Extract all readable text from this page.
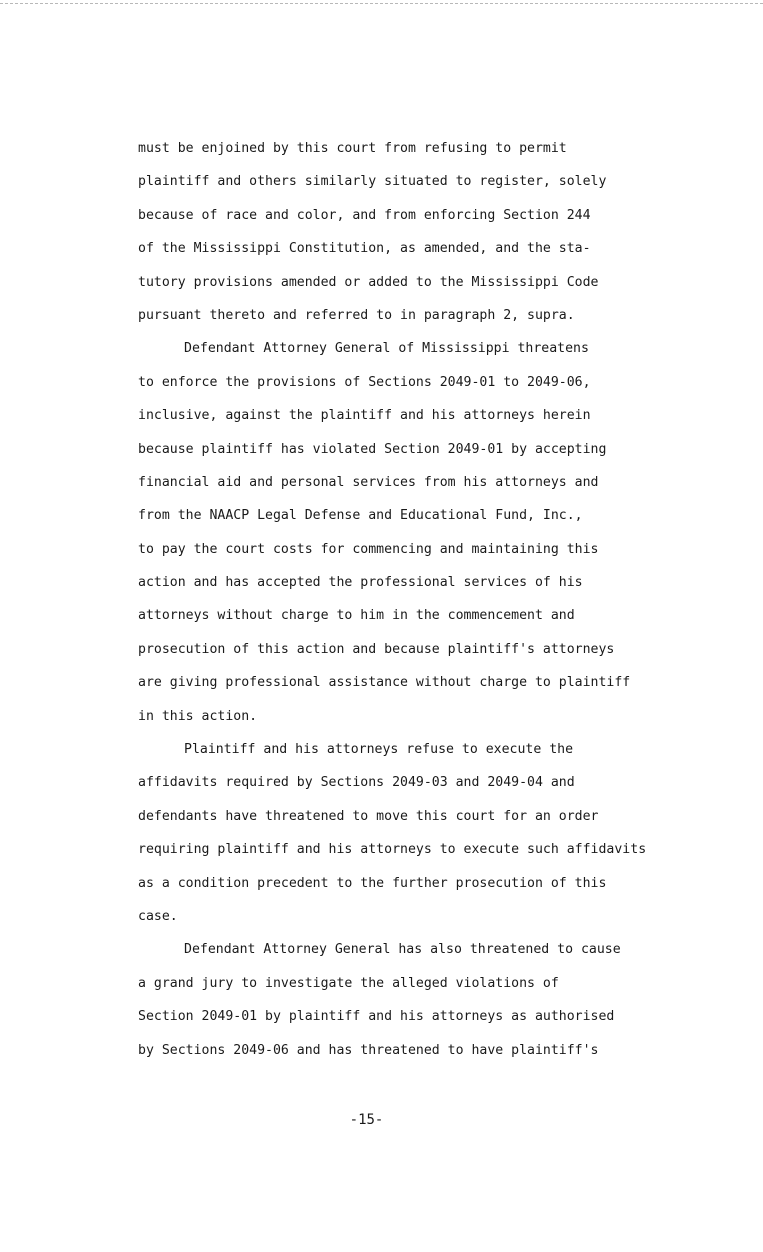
must be enjoined by this court from refusing to permit
plaintiff and others similarly situated to register, solely
because of race and color, and from enforcing Section 244
of the Mississippi Constitution, as amended, and the sta-
tutory provisions amended or added to the Mississippi Code
pursuant thereto and referred to in paragraph 2, supra.
Defendant Attorney General of Mississippi threatens
to enforce the provisions of Sections 2049-01 to 2049-06,
inclusive, against the plaintiff and his attorneys herein
because plaintiff has violated Section 2049-01 by accepting
financial aid and personal services from his attorneys and
from the NAACP Legal Defense and Educational Fund, Inc.,
to pay the court costs for commencing and maintaining this
action and has accepted the professional services of his
attorneys without charge to him in the commencement and
prosecution of this action and because plaintiff's attorneys
are giving professional assistance without charge to plaintiff
in this action.
Plaintiff and his attorneys refuse to execute the
affidavits required by Sections 2049-03 and 2049-04 and
defendants have threatened to move this court for an order
requiring plaintiff and his attorneys to execute such affidavits
as a condition precedent to the further prosecution of this
case.
Defendant Attorney General has also threatened to cause
a grand jury to investigate the alleged violations of
Section 2049-01 by plaintiff and his attorneys as authorised
by Sections 2049-06 and has threatened to have plaintiff's
-15-
